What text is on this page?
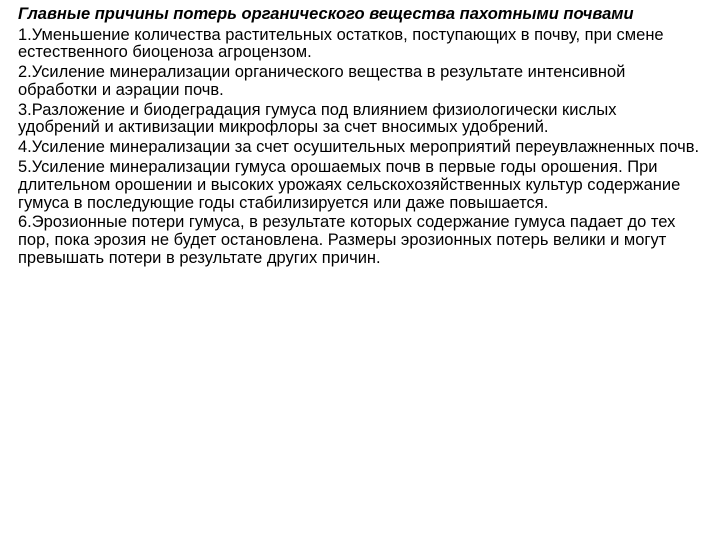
Главные причины потерь органического вещества пахотными почвами
1.Уменьшение количества растительных остатков, поступающих в почву, при смене естественного биоценоза агроцензом.
2.Усиление минерализации органического вещества в результате интенсивной обработки и аэрации почв.
3.Разложение и биодеградация гумуса под влиянием физиологически кислых удобрений и активизации микрофлоры за счет вносимых удобрений.
4.Усиление минерализации за счет осушительных мероприятий переувлажненных почв.
5.Усиление минерализации гумуса орошаемых почв в первые годы орошения. При длительном орошении и высоких урожаях сельскохозяйственных культур содержание гумуса в последующие годы стабилизируется или даже повышается.
6.Эрозионные потери гумуса, в результате которых содержание гумуса падает до тех пор, пока эрозия не будет остановлена. Размеры эрозионных потерь велики и могут превышать потери в результате других причин.
